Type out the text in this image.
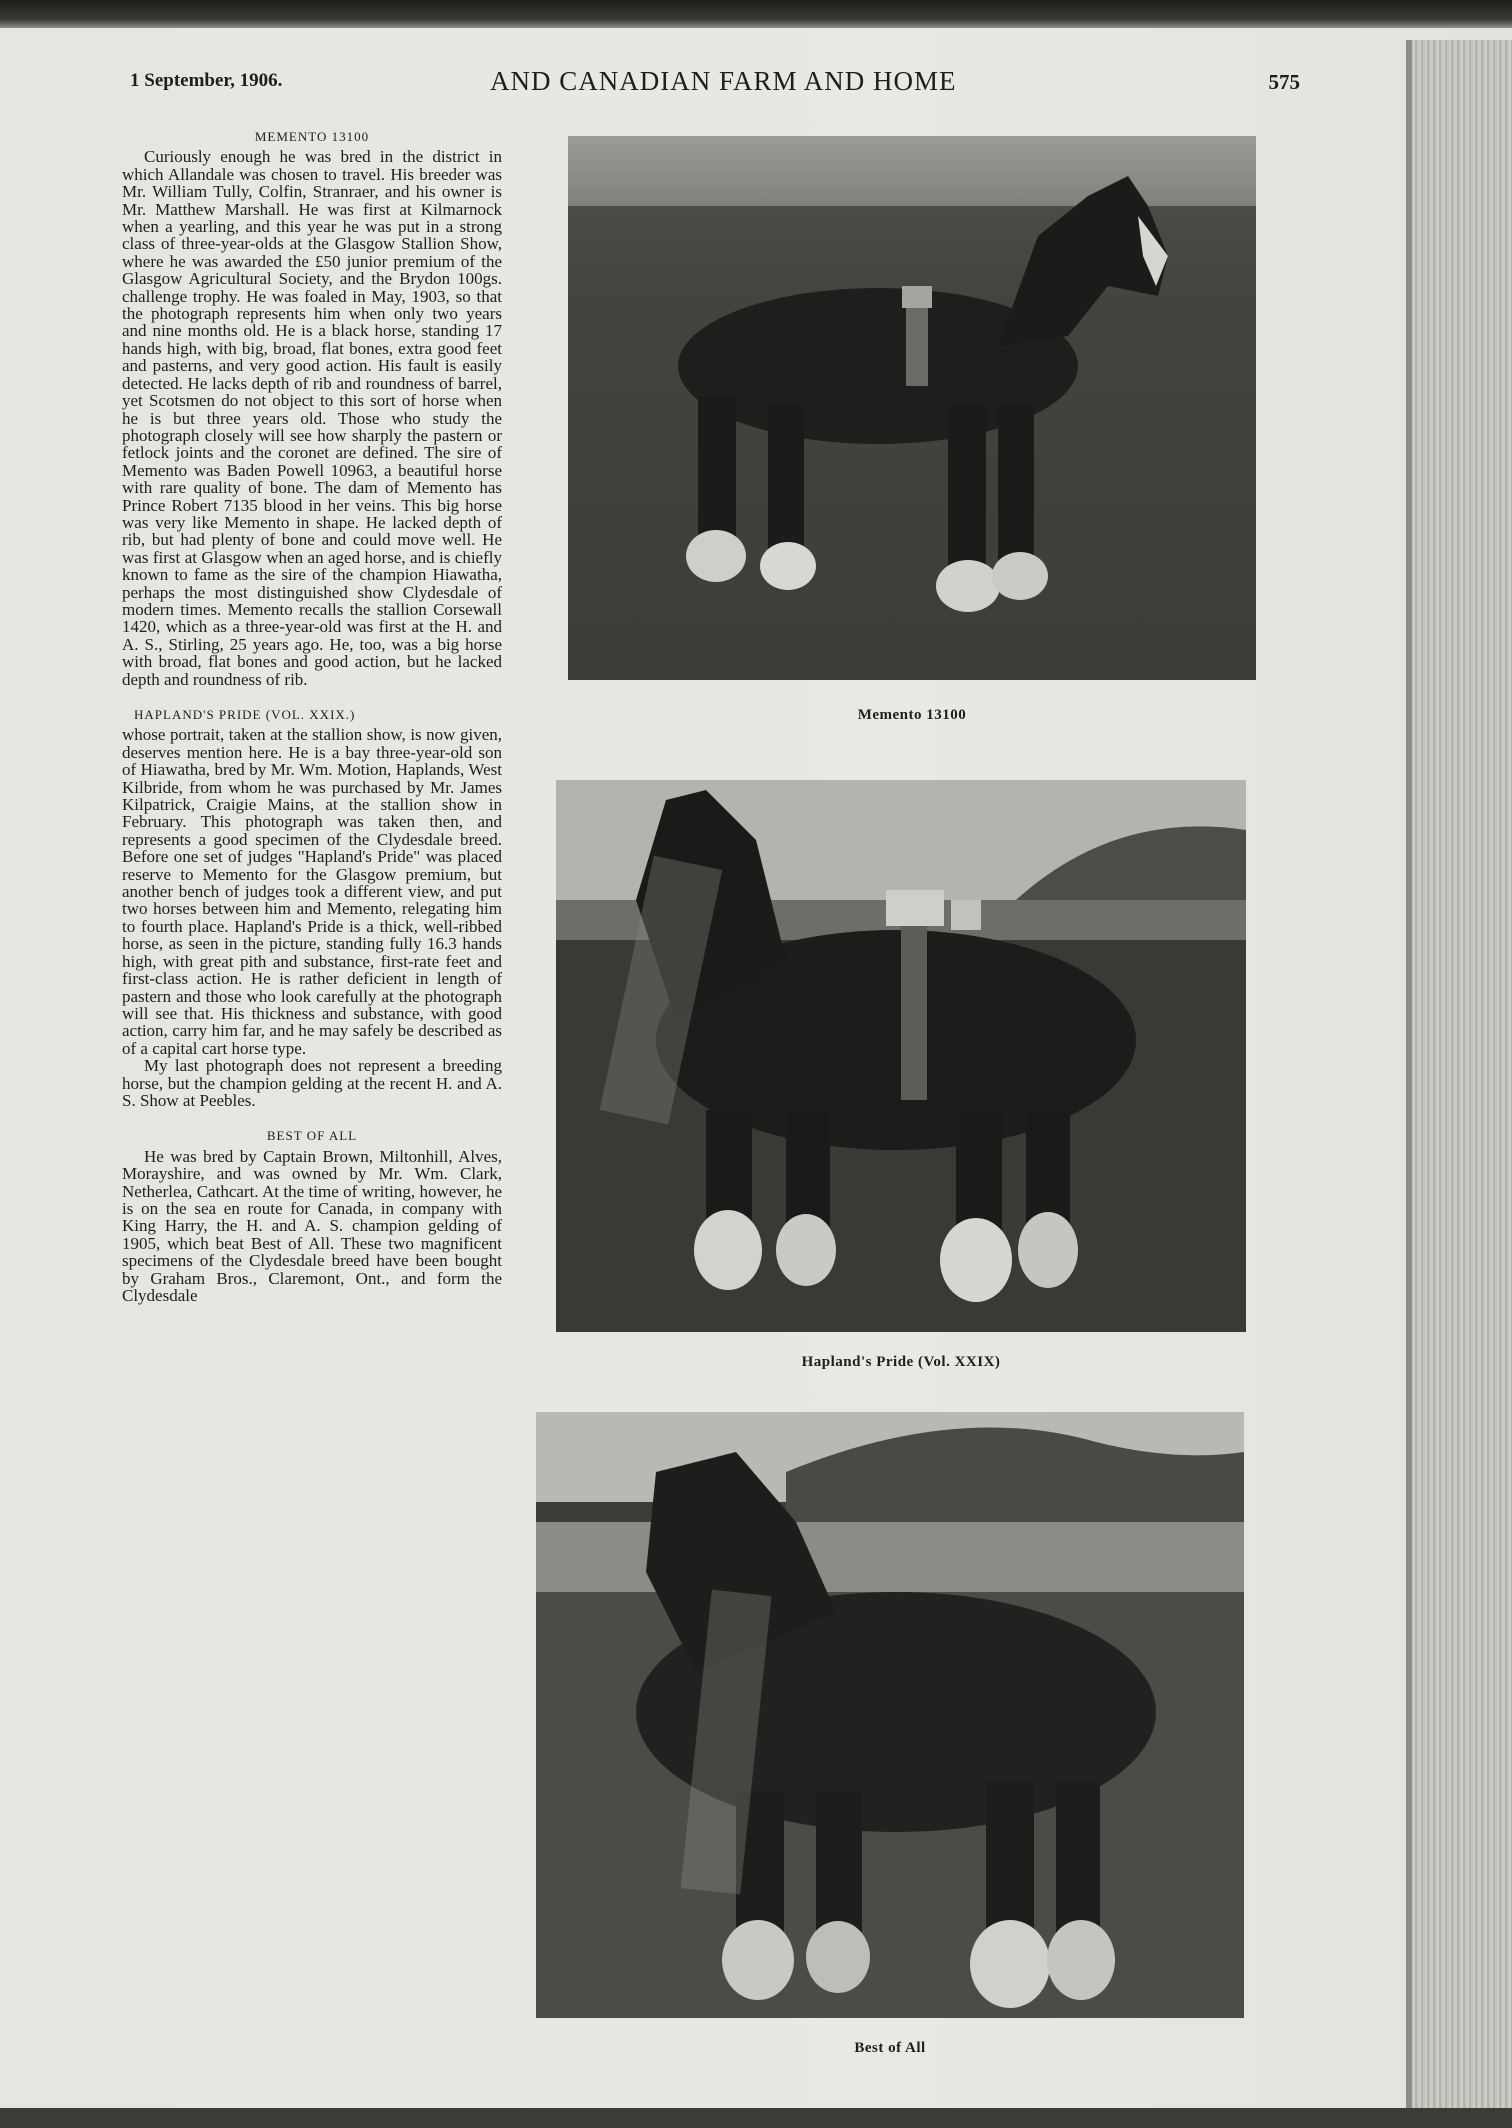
1 September, 1906.	AND CANADIAN FARM AND HOME	575
MEMENTO 13100

Curiously enough he was bred in the district in which Allandale was chosen to travel. His breeder was Mr. William Tully, Colfin, Stranraer, and his owner is Mr. Matthew Marshall. He was first at Kilmarnock when a yearling, and this year he was put in a strong class of three-year-olds at the Glasgow Stallion Show, where he was awarded the £50 junior premium of the Glasgow Agricultural Society, and the Brydon 100gs. challenge trophy. He was foaled in May, 1903, so that the photograph represents him when only two years and nine months old. He is a black horse, standing 17 hands high, with big, broad, flat bones, extra good feet and pasterns, and very good action. His fault is easily detected. He lacks depth of rib and roundness of barrel, yet Scotsmen do not object to this sort of horse when he is but three years old. Those who study the photograph closely will see how sharply the pastern or fetlock joints and the coronet are defined. The sire of Memento was Baden Powell 10963, a beautiful horse with rare quality of bone. The dam of Memento has Prince Robert 7135 blood in her veins. This big horse was very like Memento in shape. He lacked depth of rib, but had plenty of bone and could move well. He was first at Glasgow when an aged horse, and is chiefly known to fame as the sire of the champion Hiawatha, perhaps the most distinguished show Clydesdale of modern times. Memento recalls the stallion Corsewall 1420, which as a three-year-old was first at the H. and A. S., Stirling, 25 years ago. He, too, was a big horse with broad, flat bones and good action, but he lacked depth and roundness of rib.

HAPLAND'S PRIDE (VOL. XXIX.)

whose portrait, taken at the stallion show, is now given, deserves mention here. He is a bay three-year-old son of Hiawatha, bred by Mr. Wm. Motion, Haplands, West Kilbride, from whom he was purchased by Mr. James Kilpatrick, Craigie Mains, at the stallion show in February. This photograph was taken then, and represents a good specimen of the Clydesdale breed. Before one set of judges "Hapland's Pride" was placed reserve to Memento for the Glasgow premium, but another bench of judges took a different view, and put two horses between him and Memento, relegating him to fourth place. Hapland's Pride is a thick, well-ribbed horse, as seen in the picture, standing fully 16.3 hands high, with great pith and substance, first-rate feet and first-class action. He is rather deficient in length of pastern and those who look carefully at the photograph will see that. His thickness and substance, with good action, carry him far, and he may safely be described as of a capital cart horse type.

My last photograph does not represent a breeding horse, but the champion gelding at the recent H. and A. S. Show at Peebles.

BEST OF ALL

He was bred by Captain Brown, Miltonhill, Alves, Morayshire, and was owned by Mr. Wm. Clark, Netherlea, Cathcart. At the time of writing, however, he is on the sea en route for Canada, in company with King Harry, the H. and A. S. champion gelding of 1905, which beat Best of All. These two magnificent specimens of the Clydesdale breed have been bought by Graham Bros., Claremont, Ont., and form the Clydesdale

Memento 13100
Hapland's Pride (Vol. XXIX)
Best of All
